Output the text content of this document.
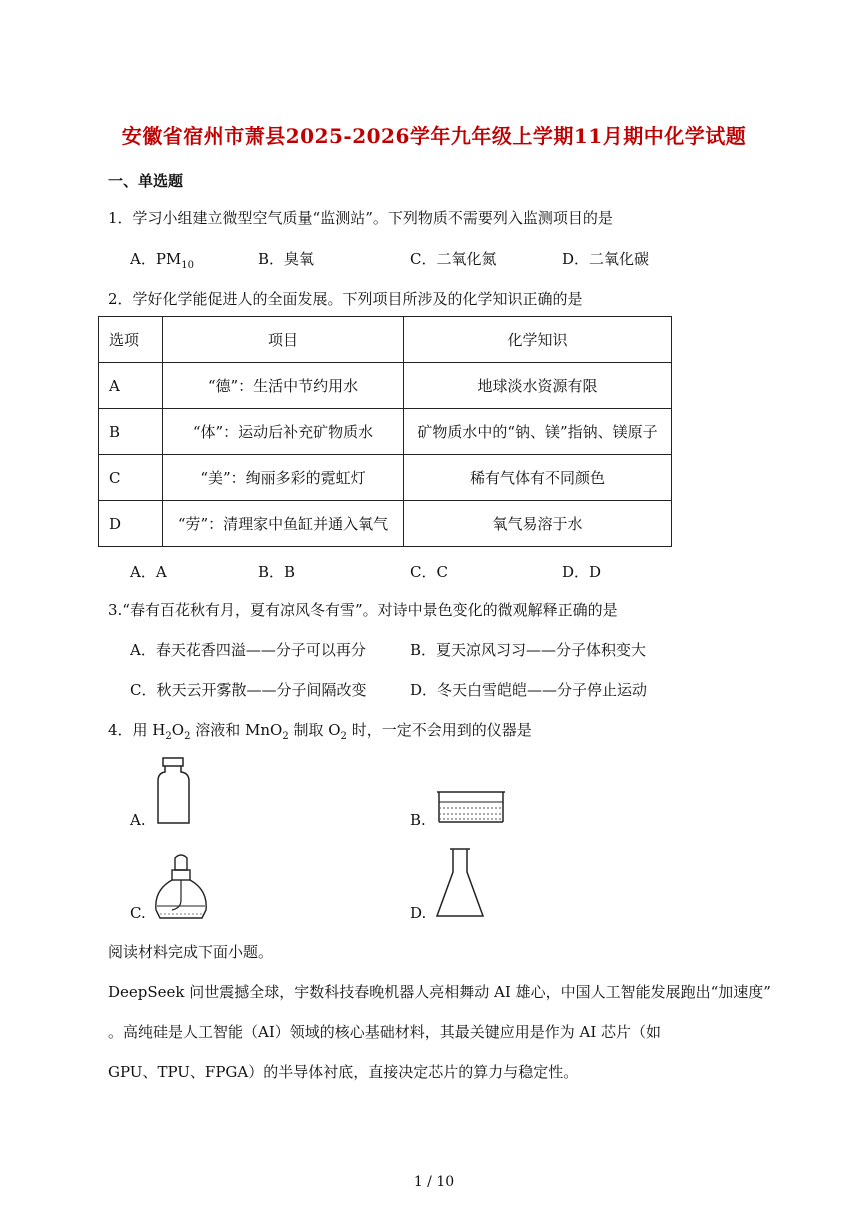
安徽省宿州市萧县2025-2026学年九年级上学期11月期中化学试题
一、单选题
1．学习小组建立微型空气质量“监测站”。下列物质不需要列入监测项目的是
A．$PM_{10}$	B．臭氧	C．二氧化氮	D．二氧化碳
2．学好化学能促进人的全面发展。下列项目所涉及的化学知识正确的是
选项	项目	化学知识
A	“德”：生活中节约用水	地球淡水资源有限
B	“体”：运动后补充矿物质水	矿物质水中的“钠、镁”指钠、镁原子
C	“美”：绚丽多彩的霓虹灯	稀有气体有不同颜色
D	“劳”：清理家中鱼缸并通入氧气	氧气易溶于水
A．A	B．B	C．C	D．D
3.“春有百花秋有月，夏有凉风冬有雪”。对诗中景色变化的微观解释正确的是
A．春天花香四溢——分子可以再分	B．夏天凉风习习——分子体积变大
C．秋天云开雾散——分子间隔改变	D．冬天白雪皑皑——分子停止运动
4．用 $H_2O_2$ 溶液和 MnO$_2$ 制取 $O_2$ 时，一定不会用到的仪器是
A.	B.
C.	D.
阅读材料完成下面小题。
DeepSeek 问世震撼全球，宇数科技春晚机器人亮相舞动 AI 雄心，中国人工智能发展跑出“加速度”
。高纯硅是人工智能（AI）领域的核心基础材料，其最关键应用是作为 AI 芯片（如
GPU、TPU、FPGA）的半导体衬底，直接决定芯片的算力与稳定性。
1 / 10
